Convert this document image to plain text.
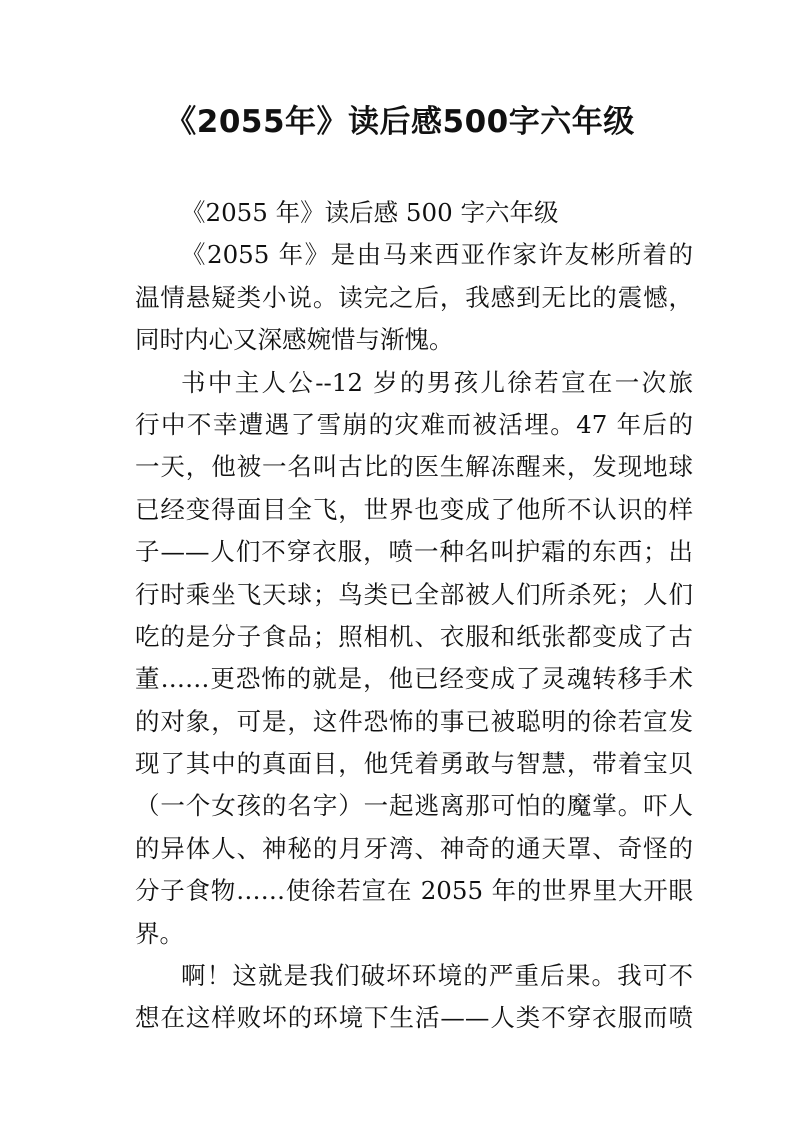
《2055年》读后感500字六年级
《2055 年》读后感 500 字六年级
《2055 年》是由马来西亚作家许友彬所着的
温情悬疑类小说。读完之后，我感到无比的震憾，
同时内心又深感婉惜与渐愧。
书中主人公--12 岁的男孩儿徐若宣在一次旅
行中不幸遭遇了雪崩的灾难而被活埋。47 年后的
一天，他被一名叫古比的医生解冻醒来，发现地球
已经变得面目全飞，世界也变成了他所不认识的样
子——人们不穿衣服，喷一种名叫护霜的东西；出
行时乘坐飞天球；鸟类已全部被人们所杀死；人们
吃的是分子食品；照相机、衣服和纸张都变成了古
董……更恐怖的就是，他已经变成了灵魂转移手术
的对象，可是，这件恐怖的事已被聪明的徐若宣发
现了其中的真面目，他凭着勇敢与智慧，带着宝贝
（一个女孩的名字）一起逃离那可怕的魔掌。吓人
的异体人、神秘的月牙湾、神奇的通天罩、奇怪的
分子食物……使徐若宣在 2055 年的世界里大开眼
界。
啊！这就是我们破坏环境的严重后果。我可不
想在这样败坏的环境下生活——人类不穿衣服而喷
